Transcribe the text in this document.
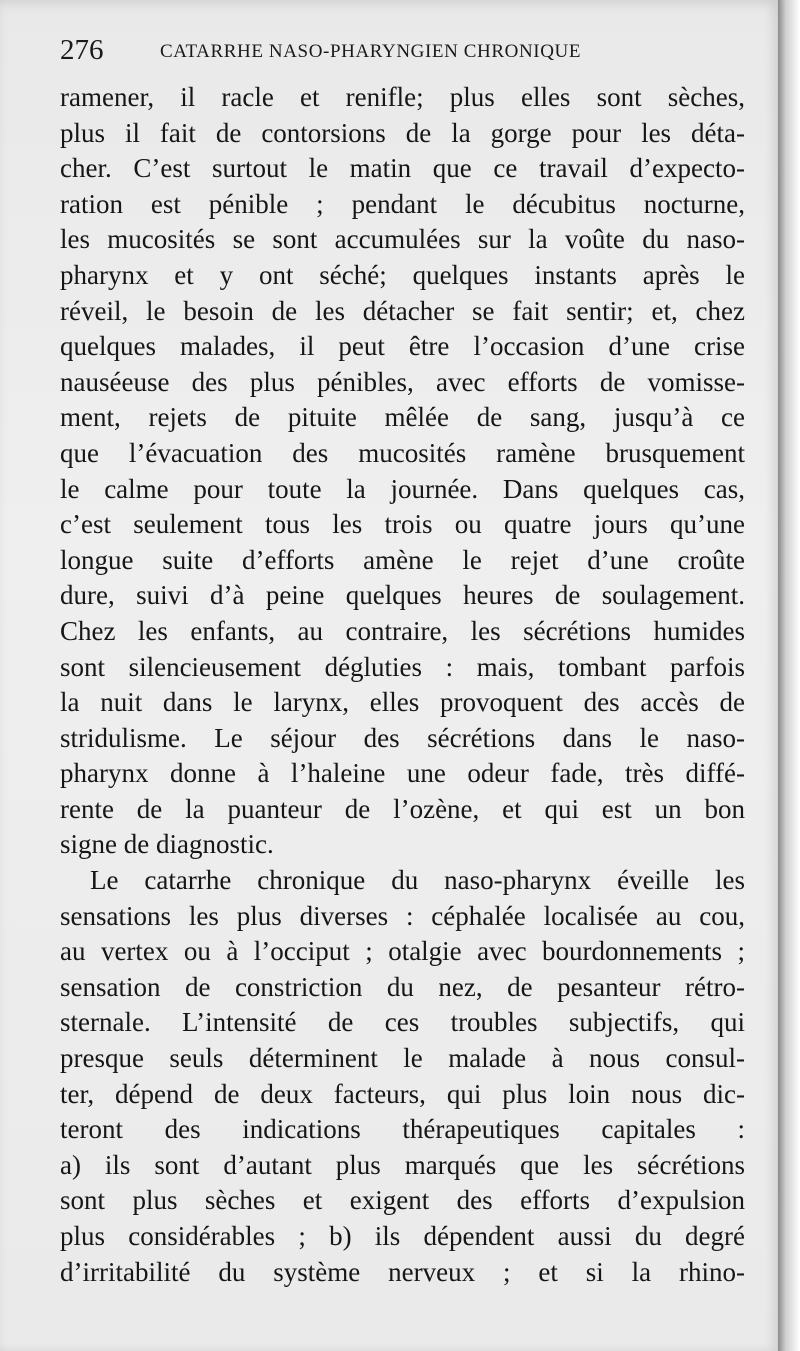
276	CATARRHE NASO-PHARYNGIEN CHRONIQUE
ramener, il racle et renifle; plus elles sont sèches,
plus il fait de contorsions de la gorge pour les déta-
cher. C’est surtout le matin que ce travail d’expecto-
ration est pénible ; pendant le décubitus nocturne,
les mucosités se sont accumulées sur la voûte du naso-
pharynx et y ont séché; quelques instants après le
réveil, le besoin de les détacher se fait sentir; et, chez
quelques malades, il peut être l’occasion d’une crise
nauséeuse des plus pénibles, avec efforts de vomisse-
ment, rejets de pituite mêlée de sang, jusqu’à ce
que l’évacuation des mucosités ramène brusquement
le calme pour toute la journée. Dans quelques cas,
c’est seulement tous les trois ou quatre jours qu’une
longue suite d’efforts amène le rejet d’une croûte
dure, suivi d’à peine quelques heures de soulagement.
Chez les enfants, au contraire, les sécrétions humides
sont silencieusement dégluties : mais, tombant parfois
la nuit dans le larynx, elles provoquent des accès de
stridulisme. Le séjour des sécrétions dans le naso-
pharynx donne à l’haleine une odeur fade, très diffé-
rente de la puanteur de l’ozène, et qui est un bon
signe de diagnostic.
Le catarrhe chronique du naso-pharynx éveille les
sensations les plus diverses : céphalée localisée au cou,
au vertex ou à l’occiput ; otalgie avec bourdonnements ;
sensation de constriction du nez, de pesanteur rétro-
sternale. L’intensité de ces troubles subjectifs, qui
presque seuls déterminent le malade à nous consul-
ter, dépend de deux facteurs, qui plus loin nous dic-
teront des indications thérapeutiques capitales :
a) ils sont d’autant plus marqués que les sécrétions
sont plus sèches et exigent des efforts d’expulsion
plus considérables ; b) ils dépendent aussi du degré
d’irritabilité du système nerveux ; et si la rhino-
